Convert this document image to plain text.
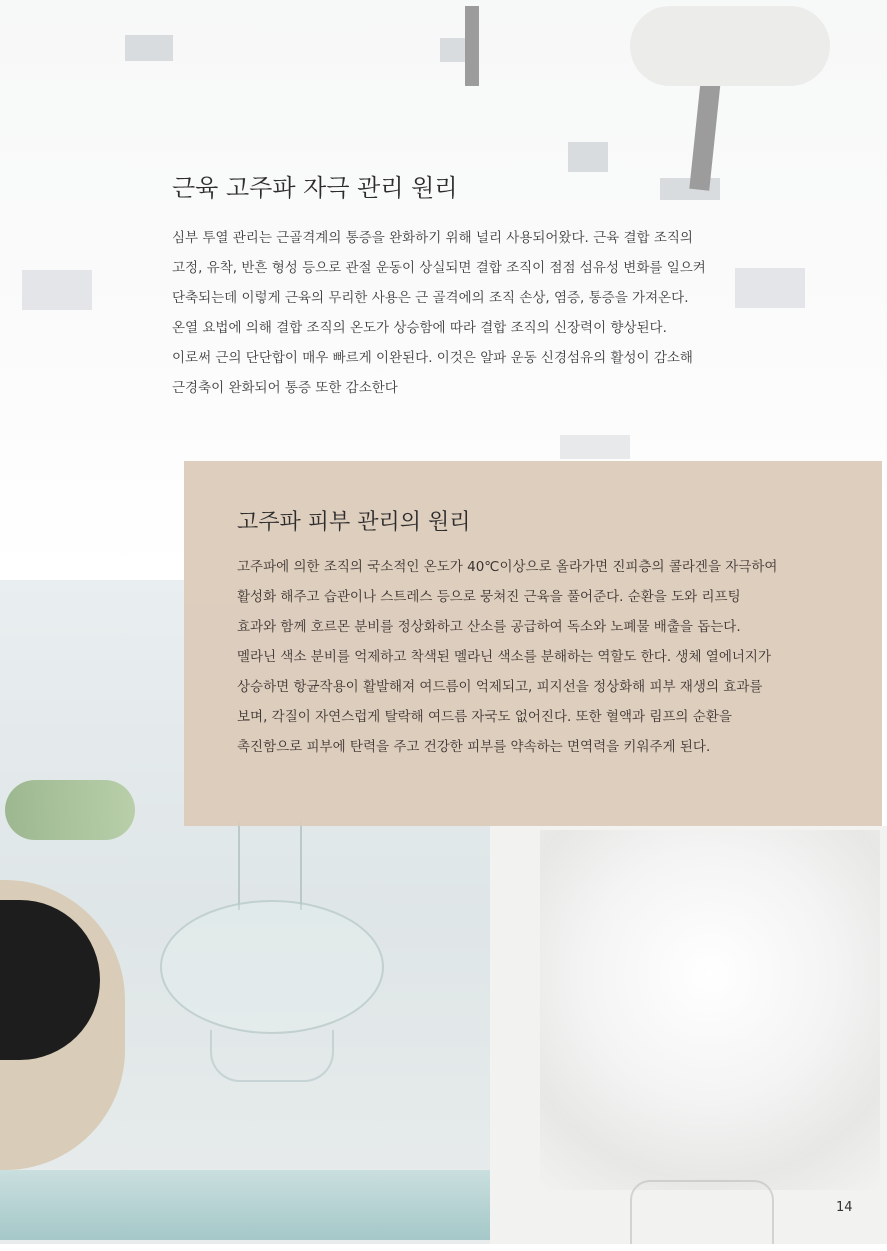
근육 고주파 자극 관리 원리

심부 투열 관리는 근골격계의 통증을 완화하기 위해 널리 사용되어왔다. 근육 결합 조직의
고정, 유착, 반흔 형성 등으로 관절 운동이 상실되면 결합 조직이 점점 섬유성 변화를 일으켜
단축되는데 이렇게 근육의 무리한 사용은 근 골격에의 조직 손상, 염증, 통증을 가져온다.
온열 요법에 의해 결합 조직의 온도가 상승함에 따라 결합 조직의 신장력이 향상된다.
이로써 근의 단단합이 매우 빠르게 이완된다. 이것은 알파 운동 신경섬유의 활성이 감소해
근경축이 완화되어 통증 또한 감소한다

고주파 피부 관리의 원리

고주파에 의한 조직의 국소적인 온도가 40℃이상으로 올라가면 진피층의 콜라겐을 자극하여
활성화 해주고 습관이나 스트레스 등으로 뭉쳐진 근육을 풀어준다. 순환을 도와 리프팅
효과와 함께 호르몬 분비를 정상화하고 산소를 공급하여 독소와 노폐물 배출을 돕는다.
멜라닌 색소 분비를 억제하고 착색된 멜라닌 색소를 분해하는 역할도 한다. 생체 열에너지가
상승하면 항균작용이 활발해져 여드름이 억제되고, 피지선을 정상화해 피부 재생의 효과를
보며, 각질이 자연스럽게 탈락해 여드름 자국도 없어진다. 또한 혈액과 림프의 순환을
촉진함으로 피부에 탄력을 주고 건강한 피부를 약속하는 면역력을 키워주게 된다.

14
